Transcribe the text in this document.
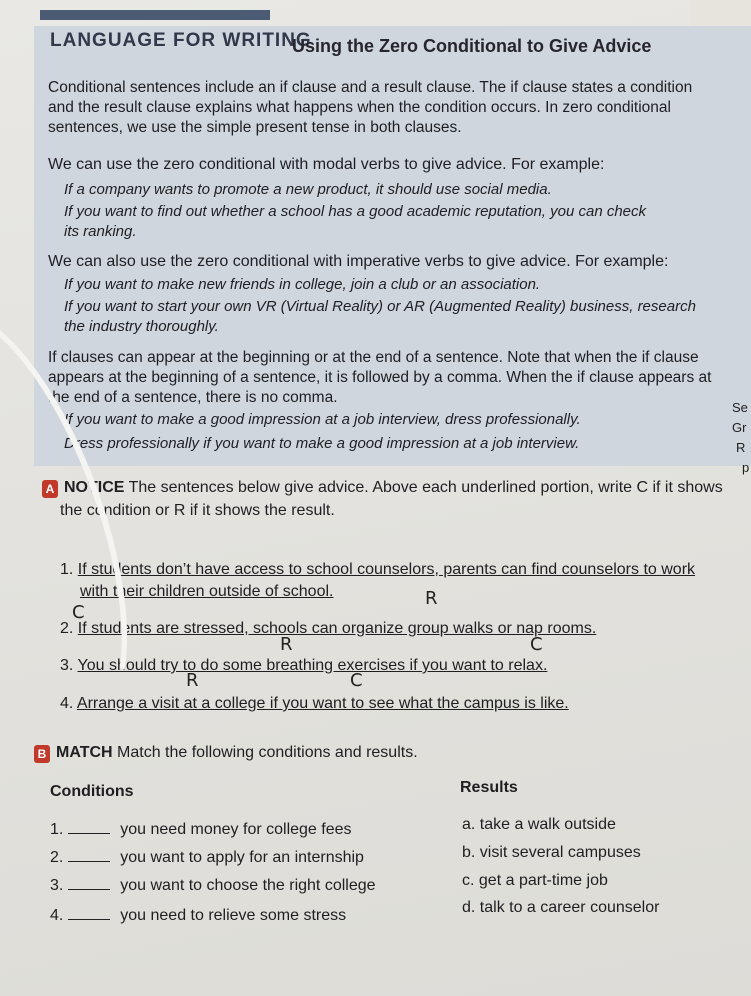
LANGUAGE FOR WRITING
Using the Zero Conditional to Give Advice
Conditional sentences include an if clause and a result clause. The if clause states a condition
and the result clause explains what happens when the condition occurs. In zero conditional
sentences, we use the simple present tense in both clauses.
We can use the zero conditional with modal verbs to give advice. For example:
If a company wants to promote a new product, it should use social media.
If you want to find out whether a school has a good academic reputation, you can check
its ranking.
We can also use the zero conditional with imperative verbs to give advice. For example:
If you want to make new friends in college, join a club or an association.
If you want to start your own VR (Virtual Reality) or AR (Augmented Reality) business, research
the industry thoroughly.
If clauses can appear at the beginning or at the end of a sentence. Note that when the if clause
appears at the beginning of a sentence, it is followed by a comma. When the if clause appears at
the end of a sentence, there is no comma.
If you want to make a good impression at a job interview, dress professionally.
Dress professionally if you want to make a good impression at a job interview.
Se
Gr
R
p
A NOTICE The sentences below give advice. Above each underlined portion, write C if it shows
the condition or R if it shows the result.
1. If students don’t have access to school counselors, parents can find counselors to work
with their children outside of school.
2. If students are stressed, schools can organize group walks or nap rooms.
3. You should try to do some breathing exercises if you want to relax.
4. Arrange a visit at a college if you want to see what the campus is like.
R
C
R	C
R	C
B MATCH Match the following conditions and results.
Conditions	Results
1.	you need money for college fees
2.	you want to apply for an internship
3.	you want to choose the right college
4.	you need to relieve some stress
a. take a walk outside
b. visit several campuses
c. get a part-time job
d. talk to a career counselor
